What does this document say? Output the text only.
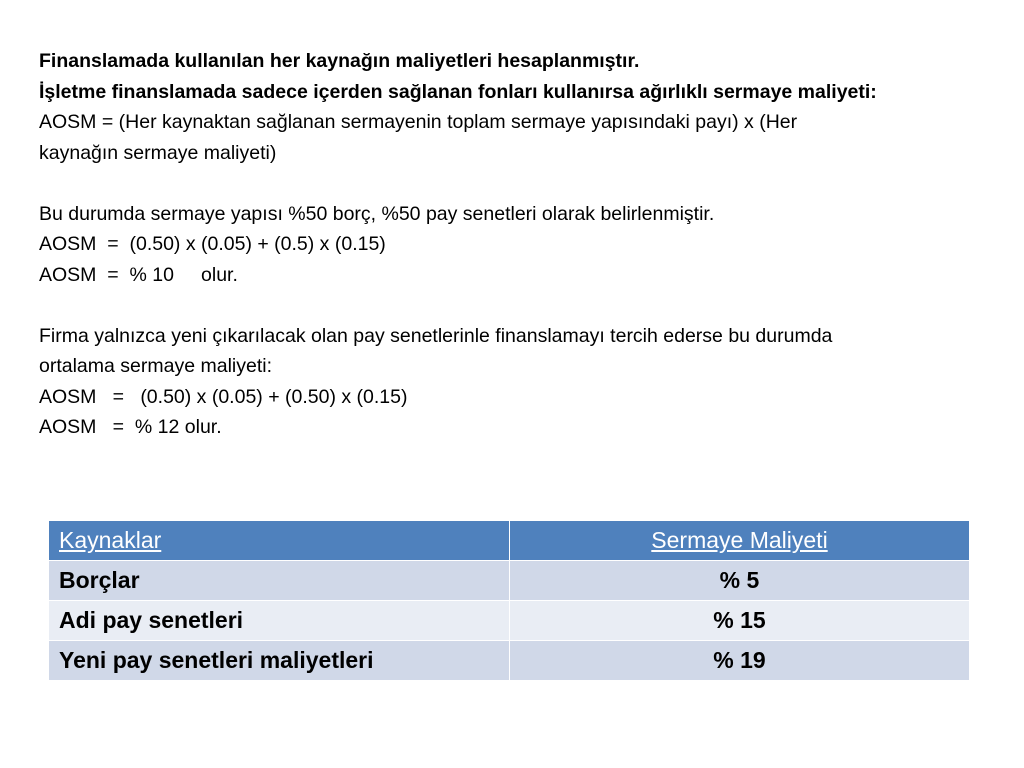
Finanslamada kullanılan her kaynağın maliyetleri hesaplanmıştır.
İşletme finanslamada sadece içerden sağlanan fonları kullanırsa ağırlıklı sermaye maliyeti:
AOSM = (Her kaynaktan sağlanan sermayenin toplam sermaye yapısındaki payı) x (Her
kaynağın sermaye maliyeti)
Bu durumda sermaye yapısı %50 borç, %50 pay senetleri olarak belirlenmiştir.
AOSM  =  (0.50) x (0.05) + (0.5) x (0.15)
AOSM  =  % 10     olur.
Firma yalnızca yeni çıkarılacak olan pay senetlerinle finanslamayı tercih ederse bu durumda
ortalama sermaye maliyeti:
AOSM   =   (0.50) x (0.05) + (0.50) x (0.15)
AOSM   =  % 12 olur.
Kaynaklar	Sermaye Maliyeti
Borçlar	% 5
Adi pay senetleri	% 15
Yeni pay senetleri maliyetleri	% 19
